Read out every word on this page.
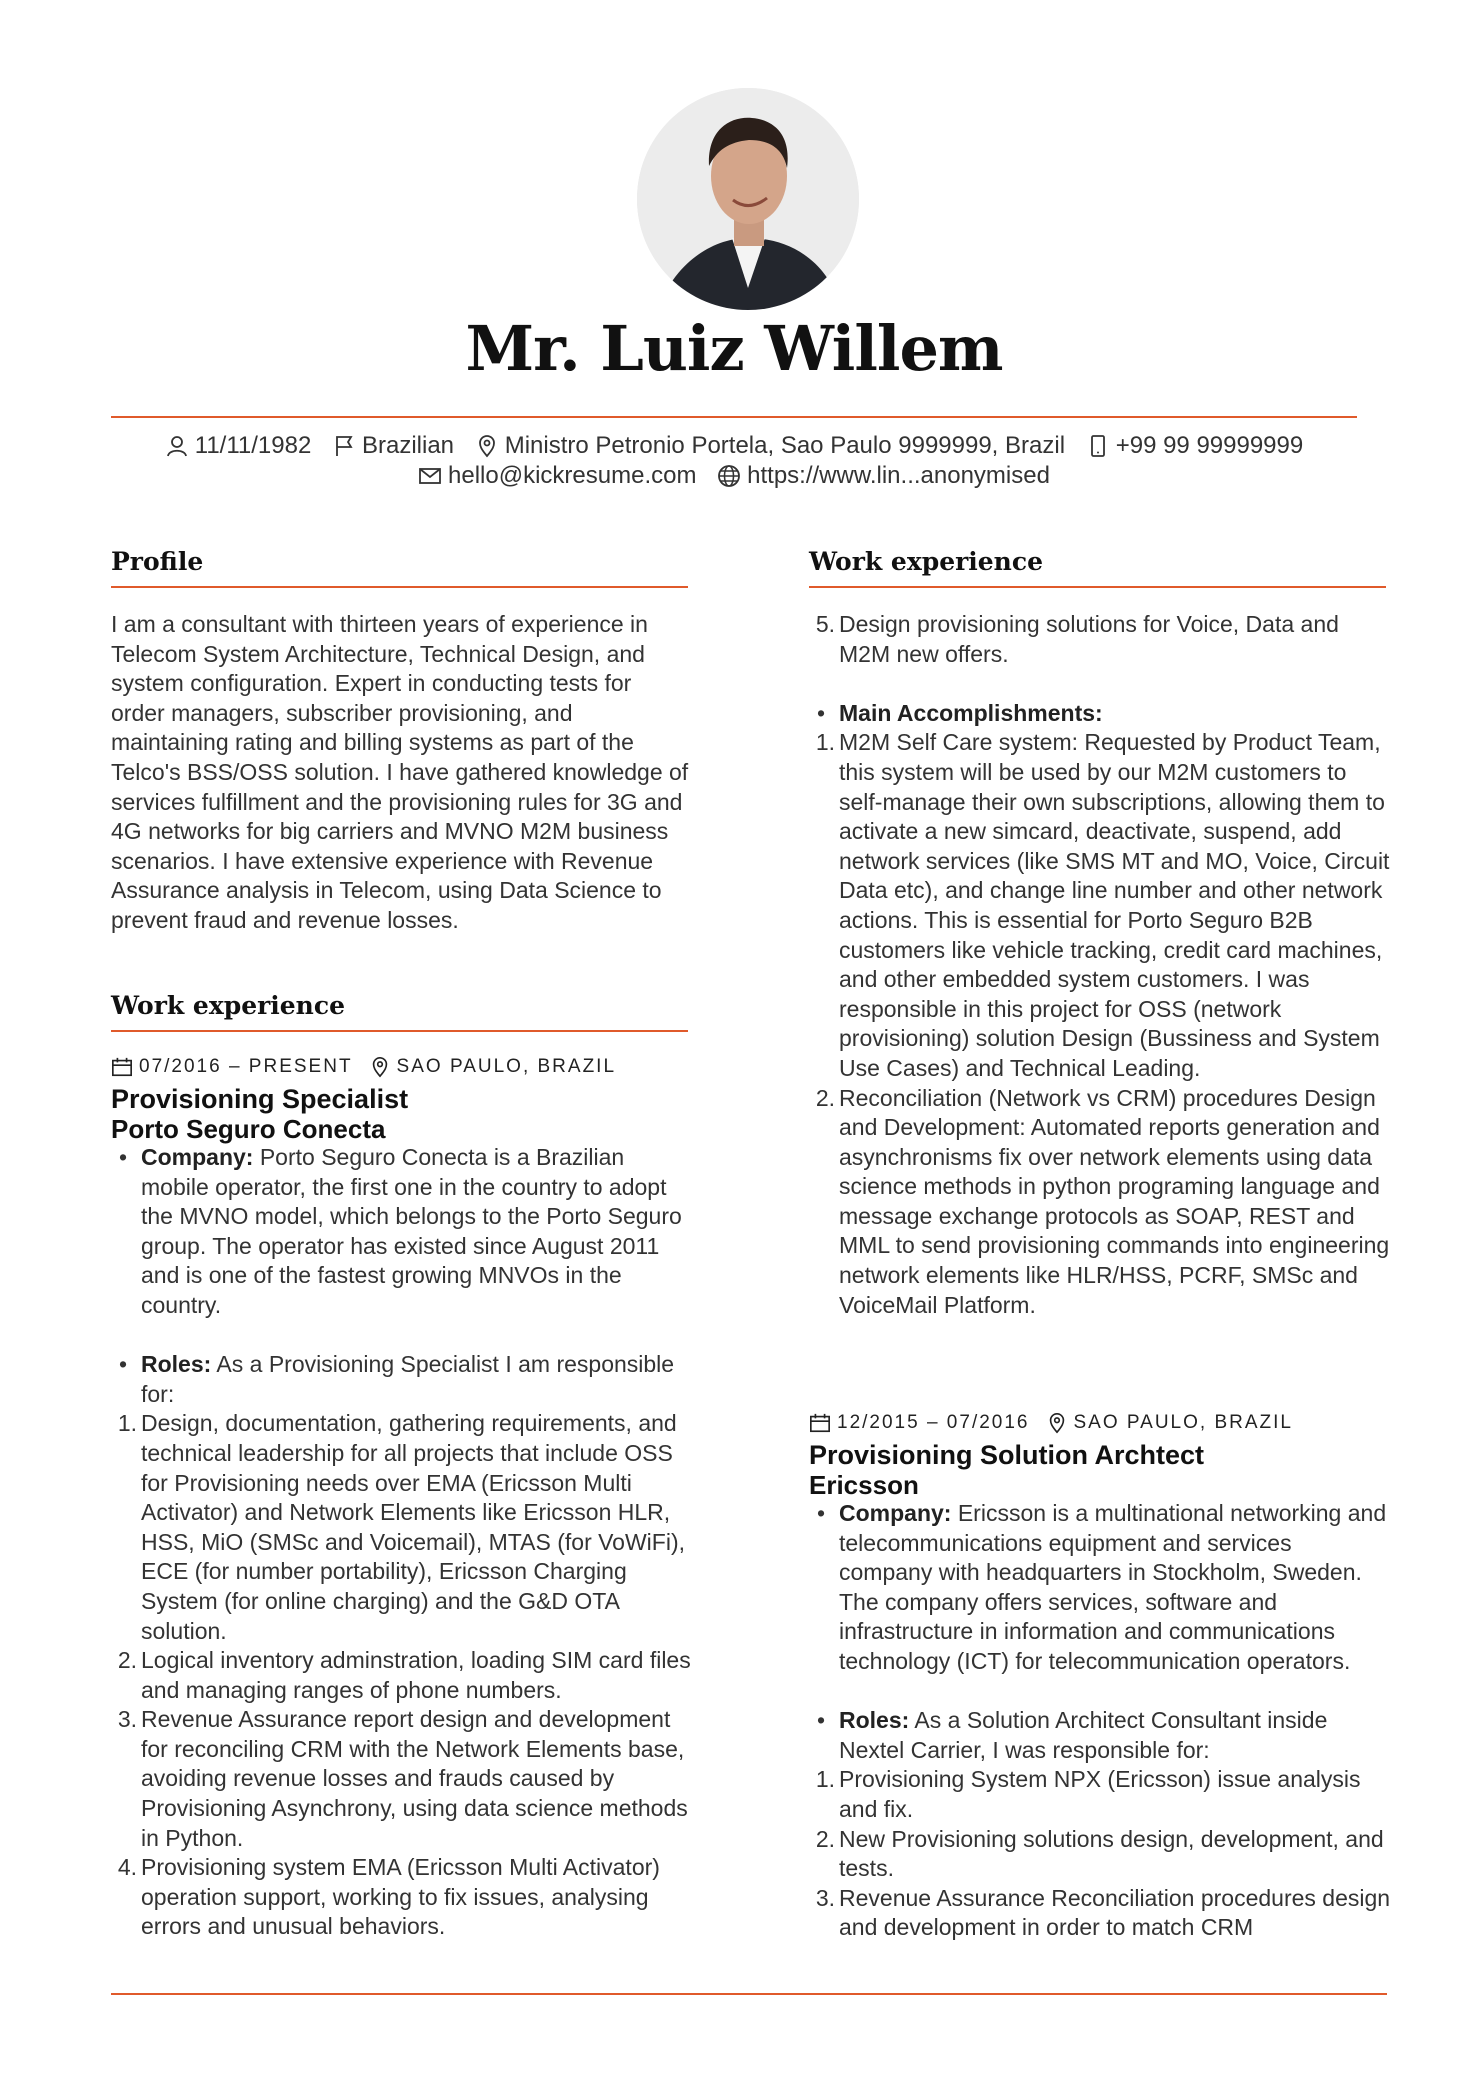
Mr. Luiz Willem
11/11/1982
Brazilian
Ministro Petronio Portela, Sao Paulo 9999999, Brazil
+99 99 99999999
hello@kickresume.com
https://www.lin...anonymised
Profile
I am a consultant with thirteen years of experience in Telecom System Architecture, Technical Design, and system configuration. Expert in conducting tests for order managers, subscriber provisioning, and maintaining rating and billing systems as part of the Telco's BSS/OSS solution. I have gathered knowledge of services fulfillment and the provisioning rules for 3G and 4G networks for big carriers and MVNO M2M business scenarios. I have extensive experience with Revenue Assurance analysis in Telecom, using Data Science to prevent fraud and revenue losses.
Work experience
07/2016 – PRESENT SAO PAULO, BRAZIL
Provisioning Specialist
Porto Seguro Conecta
• Company: Porto Seguro Conecta is a Brazilian mobile operator, the first one in the country to adopt the MVNO model, which belongs to the Porto Seguro group. The operator has existed since August 2011 and is one of the fastest growing MNVOs in the country.
• Roles: As a Provisioning Specialist I am responsible for:
1. Design, documentation, gathering requirements, and technical leadership for all projects that include OSS for Provisioning needs over EMA (Ericsson Multi Activator) and Network Elements like Ericsson HLR, HSS, MiO (SMSc and Voicemail), MTAS (for VoWiFi), ECE (for number portability), Ericsson Charging System (for online charging) and the G&D OTA solution.
2. Logical inventory adminstration, loading SIM card files and managing ranges of phone numbers.
3. Revenue Assurance report design and development for reconciling CRM with the Network Elements base, avoiding revenue losses and frauds caused by Provisioning Asynchrony, using data science methods in Python.
4. Provisioning system EMA (Ericsson Multi Activator) operation support, working to fix issues, analysing errors and unusual behaviors.
Work experience
5. Design provisioning solutions for Voice, Data and M2M new offers.
• Main Accomplishments:
1. M2M Self Care system: Requested by Product Team, this system will be used by our M2M customers to self-manage their own subscriptions, allowing them to activate a new simcard, deactivate, suspend, add network services (like SMS MT and MO, Voice, Circuit Data etc), and change line number and other network actions. This is essential for Porto Seguro B2B customers like vehicle tracking, credit card machines, and other embedded system customers. I was responsible in this project for OSS (network provisioning) solution Design (Bussiness and System Use Cases) and Technical Leading.
2. Reconciliation (Network vs CRM) procedures Design and Development: Automated reports generation and asynchronisms fix over network elements using data science methods in python programing language and message exchange protocols as SOAP, REST and MML to send provisioning commands into engineering network elements like HLR/HSS, PCRF, SMSc and VoiceMail Platform.
12/2015 – 07/2016 SAO PAULO, BRAZIL
Provisioning Solution Archtect
Ericsson
• Company: Ericsson is a multinational networking and telecommunications equipment and services company with headquarters in Stockholm, Sweden. The company offers services, software and infrastructure in information and communications technology (ICT) for telecommunication operators.
• Roles: As a Solution Architect Consultant inside Nextel Carrier, I was responsible for:
1. Provisioning System NPX (Ericsson) issue analysis and fix.
2. New Provisioning solutions design, development, and tests.
3. Revenue Assurance Reconciliation procedures design and development in order to match CRM
